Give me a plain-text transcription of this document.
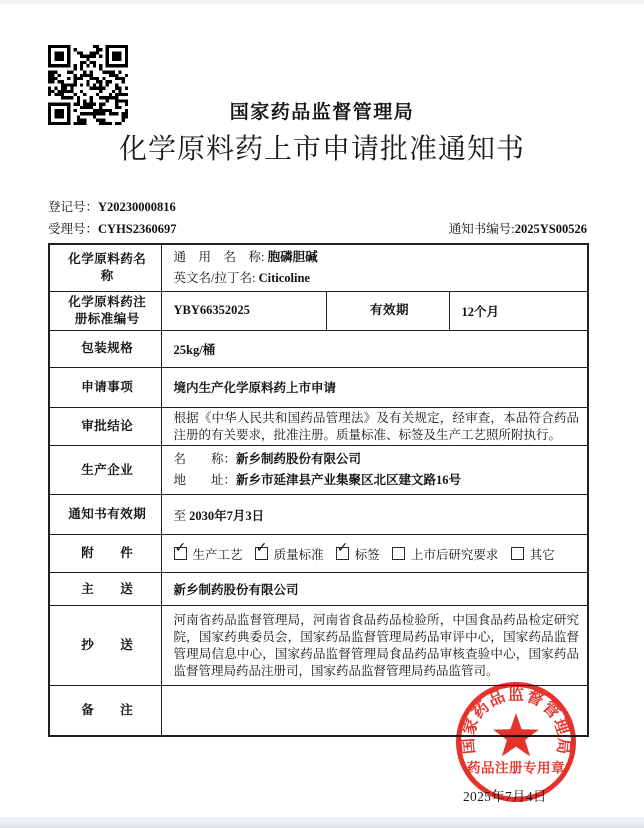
国家药品监督管理局
化学原料药上市申请批准通知书
登记号：Y20230000816
受理号：CYHS2360697	通知书编号:2025YS00526
化学原料药名称	通　用　名　称: 胞磷胆碱
英文名/拉丁名: Citicoline		

化学原料药注册标准编号	YBY66352025	有效期	12个月
包装规格	25kg/桶		
申请事项	境内生产化学原料药上市申请		
审批结论	根据《中华人民共和国药品管理法》及有关规定，经审查，本品符合药品注册的有关要求，批准注册。质量标准、标签及生产工艺照所附执行。		
生产企业	名　　称：新乡制药股份有限公司
地　　址：新乡市延津县产业集聚区北区建文路16号		

通知书有效期	至 2030年7月3日		
附　　件	✓ 生产工艺 ✓ 质量标准 ✓ 标签 上市后研究要求 其它
主　　送	新乡制药股份有限公司		
抄　　送	河南省药品监督管理局，河南省食品药品检验所，中国食品药品检定研究院，国家药典委员会，国家药品监督管理局药品审评中心，国家药品监督管理局信息中心，国家药品监督管理局食品药品审核查验中心，国家药品监督管理局药品注册司，国家药品监督管理局药品监管司。		
备　　注			
2025年7月4日
国
家
药
品 监 督
管
理
局
药品注册专用章
